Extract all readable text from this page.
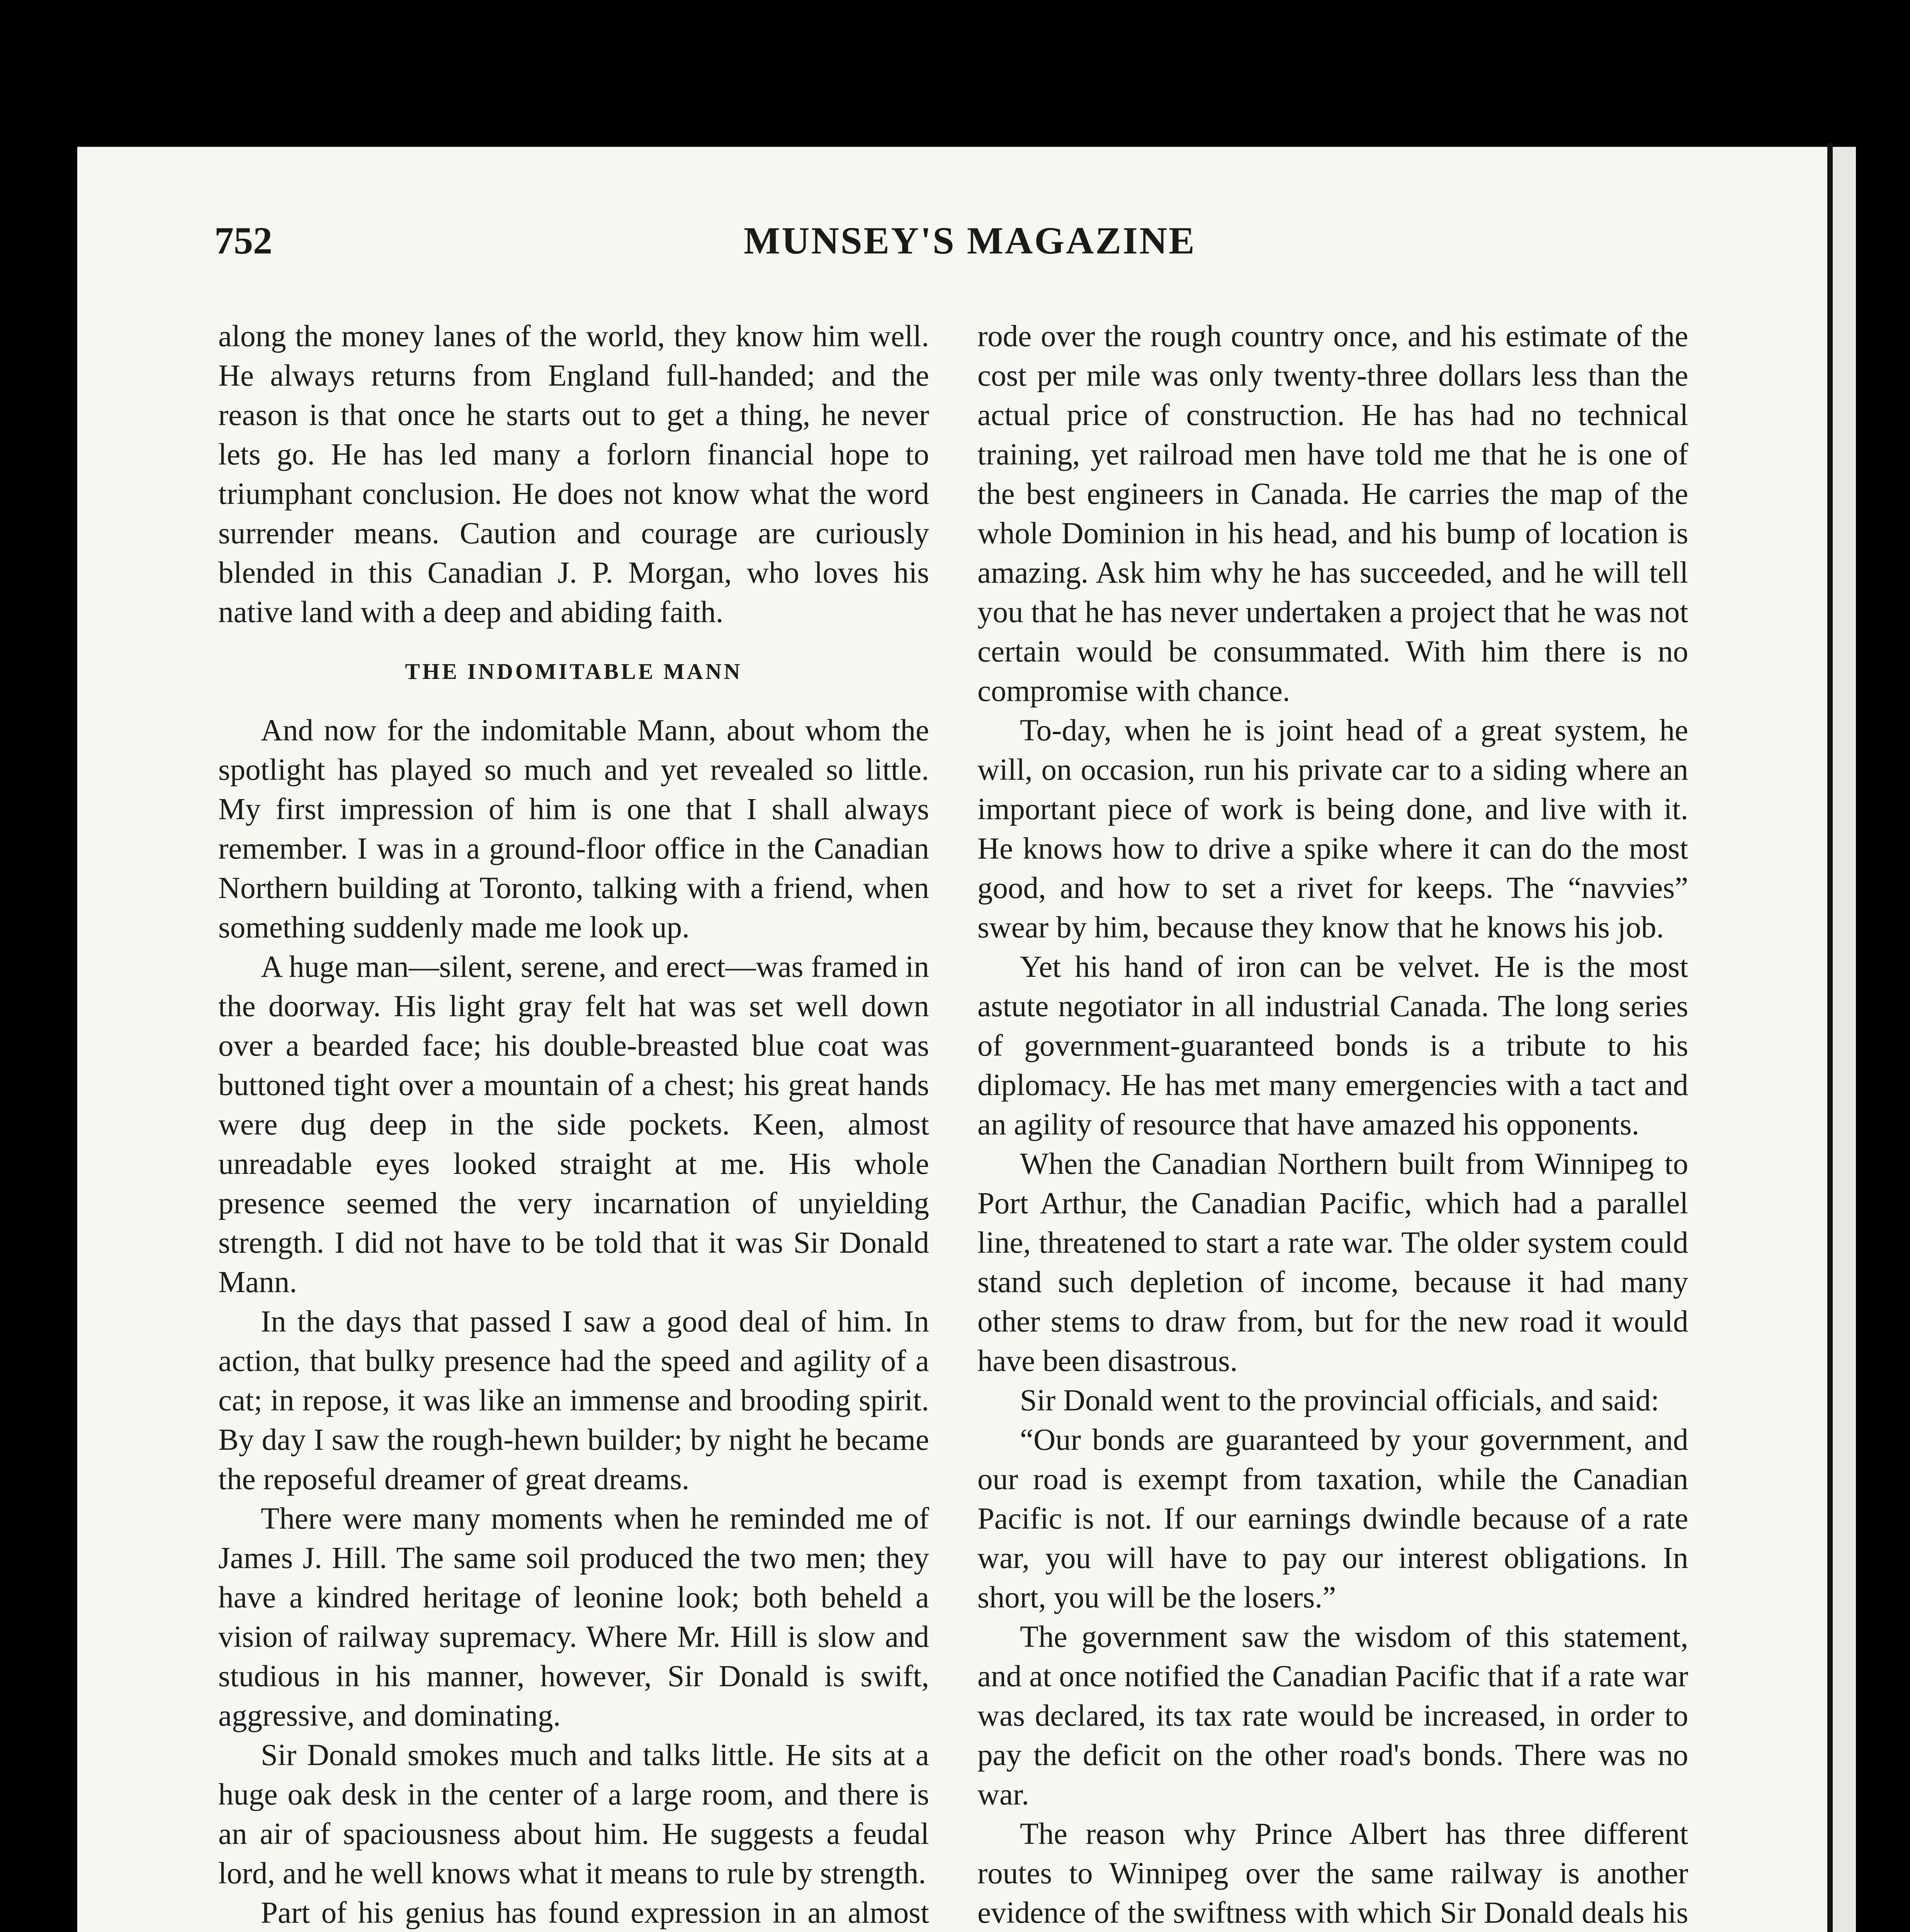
752	MUNSEY'S MAGAZINE

along the money lanes of the world, they know him well. He always returns from England full-handed; and the reason is that once he starts out to get a thing, he never lets go. He has led many a forlorn financial hope to triumphant conclusion. He does not know what the word surrender means. Caution and courage are curiously blended in this Canadian J. P. Morgan, who loves his native land with a deep and abiding faith.

THE INDOMITABLE MANN

And now for the indomitable Mann, about whom the spotlight has played so much and yet revealed so little. My first impression of him is one that I shall always remember. I was in a ground-floor office in the Canadian Northern building at Toronto, talking with a friend, when something suddenly made me look up.

A huge man—silent, serene, and erect—was framed in the doorway. His light gray felt hat was set well down over a bearded face; his double-breasted blue coat was buttoned tight over a mountain of a chest; his great hands were dug deep in the side pockets. Keen, almost unreadable eyes looked straight at me. His whole presence seemed the very incarnation of unyielding strength. I did not have to be told that it was Sir Donald Mann.

In the days that passed I saw a good deal of him. In action, that bulky presence had the speed and agility of a cat; in repose, it was like an immense and brooding spirit. By day I saw the rough-hewn builder; by night he became the reposeful dreamer of great dreams.

There were many moments when he reminded me of James J. Hill. The same soil produced the two men; they have a kindred heritage of leonine look; both beheld a vision of railway supremacy. Where Mr. Hill is slow and studious in his manner, however, Sir Donald is swift, aggressive, and dominating.

Sir Donald smokes much and talks little. He sits at a huge oak desk in the center of a large room, and there is an air of spaciousness about him. He suggests a feudal lord, and he well knows what it means to rule by strength.

Part of his genius has found expression in an almost

rode over the rough country once, and his estimate of the cost per mile was only twenty-three dollars less than the actual price of construction. He has had no technical training, yet railroad men have told me that he is one of the best engineers in Canada. He carries the map of the whole Dominion in his head, and his bump of location is amazing. Ask him why he has succeeded, and he will tell you that he has never undertaken a project that he was not certain would be consummated. With him there is no compromise with chance.

To-day, when he is joint head of a great system, he will, on occasion, run his private car to a siding where an important piece of work is being done, and live with it. He knows how to drive a spike where it can do the most good, and how to set a rivet for keeps. The “navvies” swear by him, because they know that he knows his job.

Yet his hand of iron can be velvet. He is the most astute negotiator in all industrial Canada. The long series of government-guaranteed bonds is a tribute to his diplomacy. He has met many emergencies with a tact and an agility of resource that have amazed his opponents.

When the Canadian Northern built from Winnipeg to Port Arthur, the Canadian Pacific, which had a parallel line, threatened to start a rate war. The older system could stand such depletion of income, because it had many other stems to draw from, but for the new road it would have been disastrous.

Sir Donald went to the provincial officials, and said:

“Our bonds are guaranteed by your government, and our road is exempt from taxation, while the Canadian Pacific is not. If our earnings dwindle because of a rate war, you will have to pay our interest obligations. In short, you will be the losers.”

The government saw the wisdom of this statement, and at once notified the Canadian Pacific that if a rate war was declared, its tax rate would be increased, in order to pay the deficit on the other road's bonds. There was no war.

The reason why Prince Albert has three different routes to Winnipeg over the same railway is another evidence of the swiftness with which Sir Donald deals his
